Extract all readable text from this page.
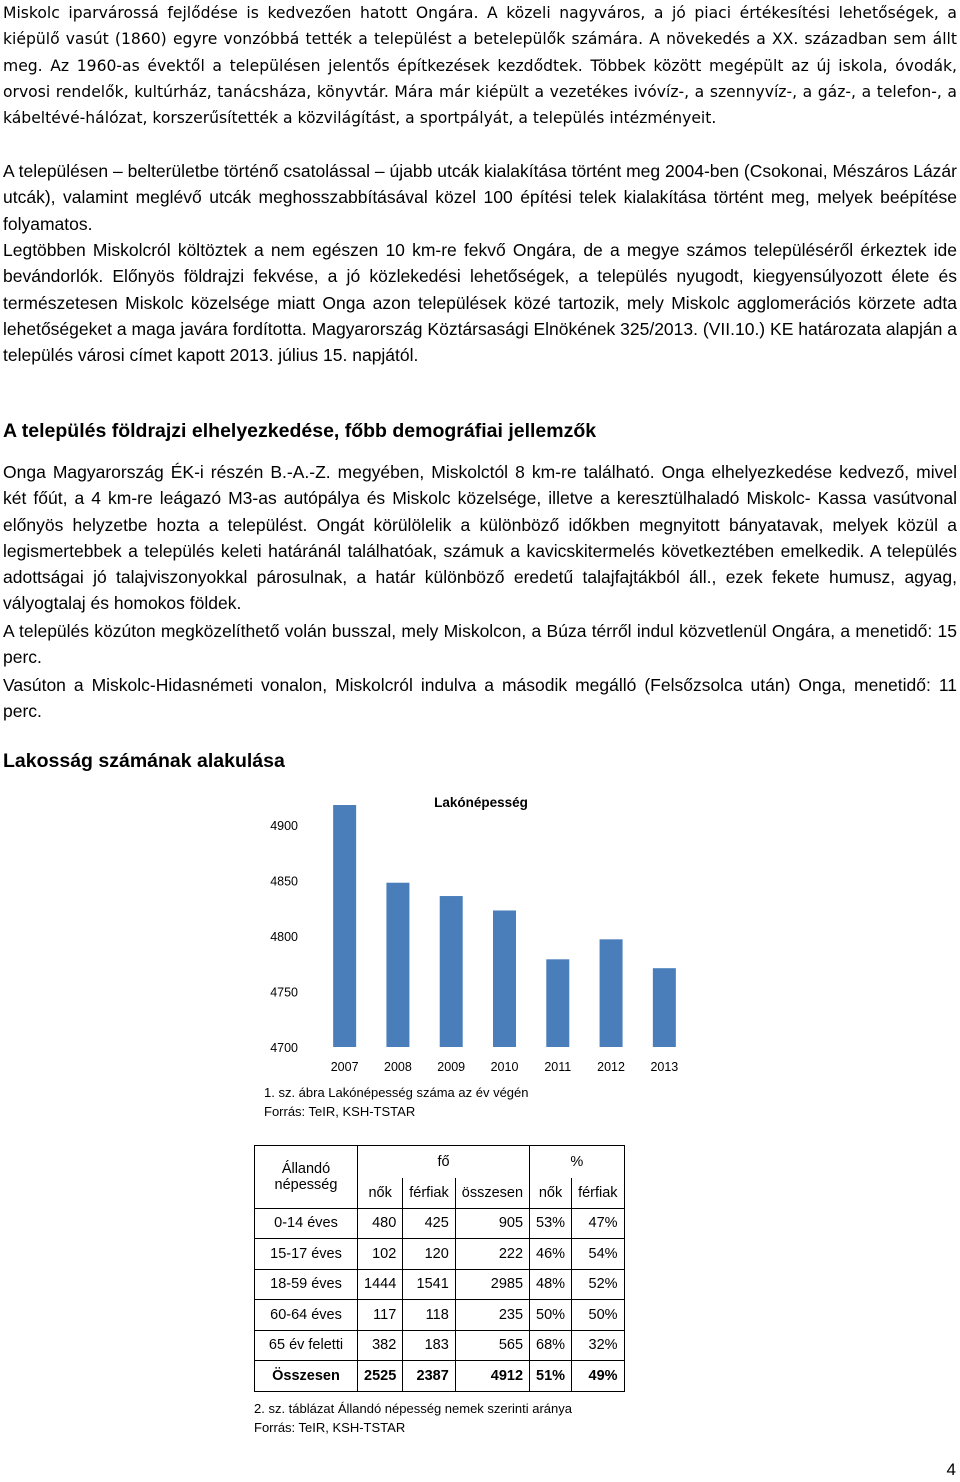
Miskolc iparvárossá fejlődése is kedvezően hatott Ongára. A közeli nagyváros, a jó piaci értékesítési lehetőségek, a kiépülő vasút (1860) egyre vonzóbbá tették a települést a betelepülők számára. A növekedés a XX. században sem állt meg. Az 1960-as évektől a településen jelentős építkezések kezdődtek. Többek között megépült az új iskola, óvodák, orvosi rendelők, kultúrház, tanácsháza, könyvtár. Mára már kiépült a vezetékes ivóvíz-, a szennyvíz-, a gáz-, a telefon-, a kábeltévé-hálózat, korszerűsítették a közvilágítást, a sportpályát, a település intézményeit.

A településen – belterületbe történő csatolással – újabb utcák kialakítása történt meg 2004-ben (Csokonai, Mészáros Lázár utcák), valamint meglévő utcák meghosszabbításával közel 100 építési telek kialakítása történt meg, melyek beépítése folyamatos.

Legtöbben Miskolcról költöztek a nem egészen 10 km-re fekvő Ongára, de a megye számos településéről érkeztek ide bevándorlók. Előnyös földrajzi fekvése, a jó közlekedési lehetőségek, a település nyugodt, kiegyensúlyozott élete és természetesen Miskolc közelsége miatt Onga azon települések közé tartozik, mely Miskolc agglomerációs körzete adta lehetőségeket a maga javára fordította. Magyarország Köztársasági Elnökének 325/2013. (VII.10.) KE határozata alapján a település városi címet kapott 2013. július 15. napjától.

A település földrajzi elhelyezkedése, főbb demográfiai jellemzők

Onga Magyarország ÉK-i részén B.-A.-Z. megyében, Miskolctól 8 km-re található. Onga elhelyezkedése kedvező, mivel két főút, a 4 km-re leágazó M3-as autópálya és Miskolc közelsége, illetve a keresztülhaladó Miskolc- Kassa vasútvonal előnyös helyzetbe hozta a települést. Ongát körülölelik a különböző időkben megnyitott bányatavak, melyek közül a legismertebbek a település keleti határánál találhatóak, számuk a kavicskitermelés következtében emelkedik. A település adottságai jó talajviszonyokkal párosulnak, a határ különböző eredetű talajfajtákból áll., ezek fekete humusz, agyag, vályogtalaj és homokos földek.

A település közúton megközelíthető volán busszal, mely Miskolcon, a Búza térről indul közvetlenül Ongára, a menetidő: 15 perc.

Vasúton a Miskolc-Hidasnémeti vonalon, Miskolcról indulva a második megálló (Felsőzsolca után) Onga, menetidő: 11 perc.

Lakosság számának alakulása
Lakónépesség
4700
4750
4800
4850
4900
2007 2008 2009 2010 2011 2012 2013
1. sz. ábra Lakónépesség száma az év végén
Forrás: TeIR, KSH-TSTAR
Állandó népesség	fő			%	
	nők	férfiak	összesen	nők	férfiak
0-14 éves	480	425	905	53%	47%
15-17 éves	102	120	222	46%	54%
18-59 éves	1444	1541	2985	48%	52%
60-64 éves	117	118	235	50%	50%
65 év feletti	382	183	565	68%	32%
Összesen	2525	2387	4912	51%	49%
2. sz. táblázat Állandó népesség nemek szerinti aránya
Forrás: TeIR, KSH-TSTAR
4
